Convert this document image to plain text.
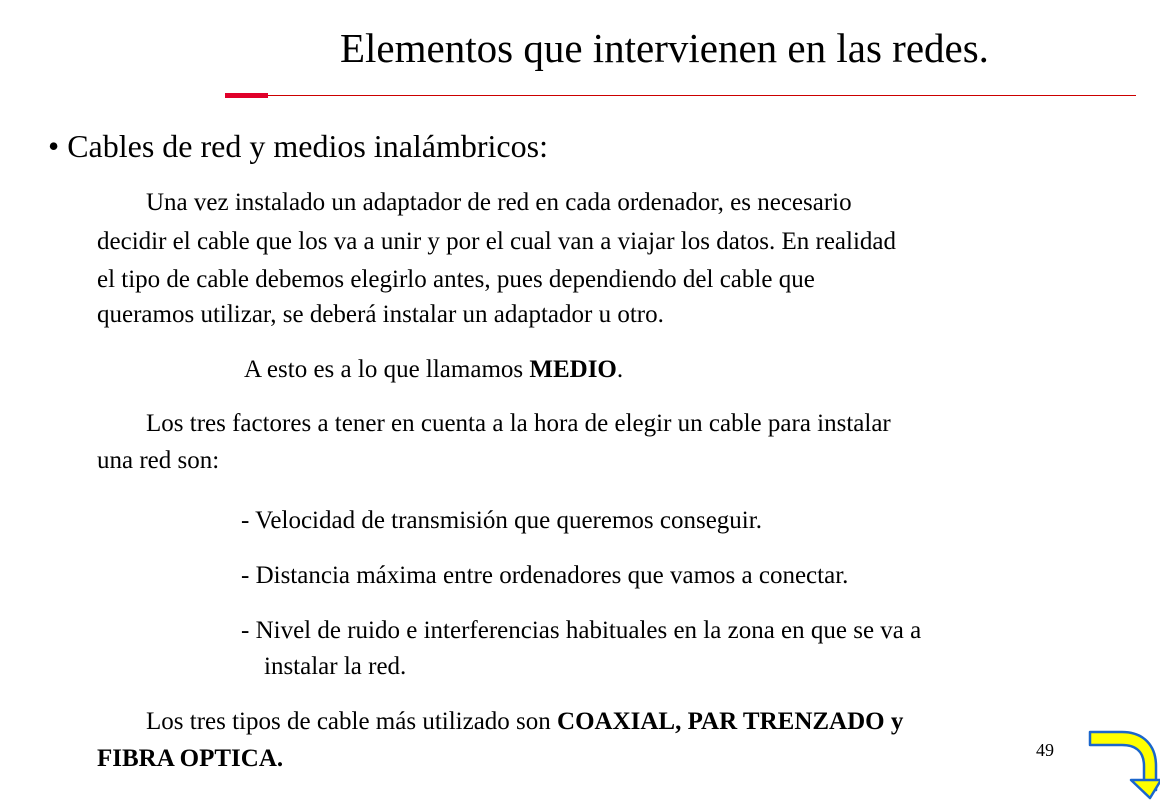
Elementos que intervienen en las redes.
• Cables de red y medios inalámbricos:
Una vez instalado un adaptador de red en cada ordenador, es necesario
decidir el cable que los va a unir y por el cual van a viajar los datos. En realidad
el tipo de cable debemos elegirlo antes, pues dependiendo del cable que
queramos utilizar, se deberá instalar un adaptador u otro.
A esto es a lo que llamamos MEDIO.
Los tres factores a tener en cuenta a la hora de elegir un cable para instalar
una red son:
- Velocidad de transmisión que queremos conseguir.
- Distancia máxima entre ordenadores que vamos a conectar.
- Nivel de ruido e interferencias habituales en la zona en que se va a
instalar la red.
Los tres tipos de cable más utilizado son COAXIAL, PAR TRENZADO y
FIBRA OPTICA.	49
